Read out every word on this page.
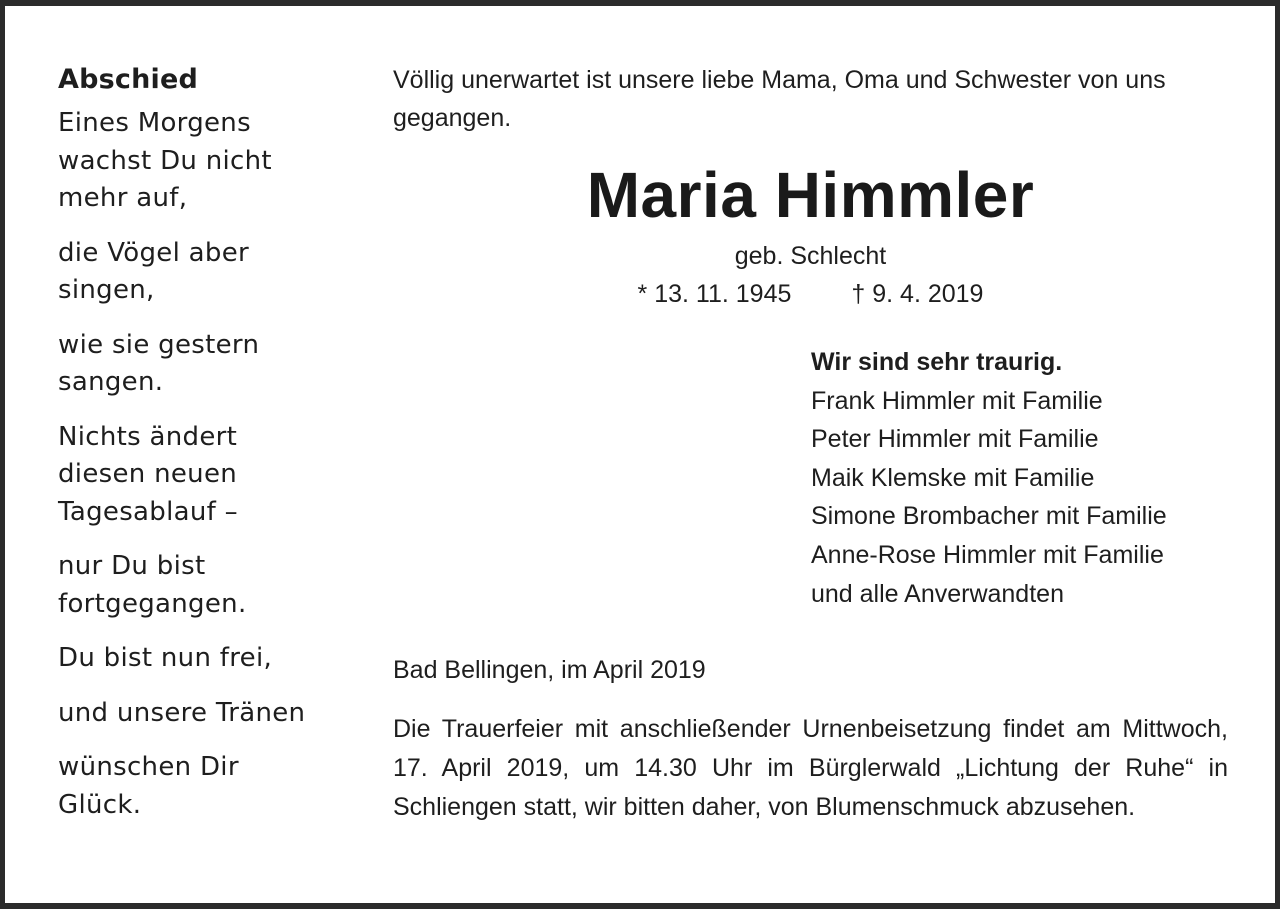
Abschied
Eines Morgens
wachst Du nicht
mehr auf,
die Vögel aber
singen,
wie sie gestern
sangen.
Nichts ändert
diesen neuen
Tagesablauf –
nur Du bist
fortgegangen.
Du bist nun frei,
und unsere Tränen
wünschen Dir
Glück.

Völlig unerwartet ist unsere liebe Mama, Oma und Schwester von uns gegangen.

Maria Himmler
geb. Schlecht
* 13. 11. 1945 † 9. 4. 2019
Wir sind sehr traurig.
Frank Himmler mit Familie
Peter Himmler mit Familie
Maik Klemske mit Familie
Simone Brombacher mit Familie
Anne-Rose Himmler mit Familie
und alle Anverwandten
Bad Bellingen, im April 2019
Die Trauerfeier mit anschließender Urnenbeisetzung findet am Mittwoch, 17. April 2019, um 14.30 Uhr im Bürglerwald „Lichtung der Ruhe“ in Schliengen statt, wir bitten daher, von Blumenschmuck abzusehen.
